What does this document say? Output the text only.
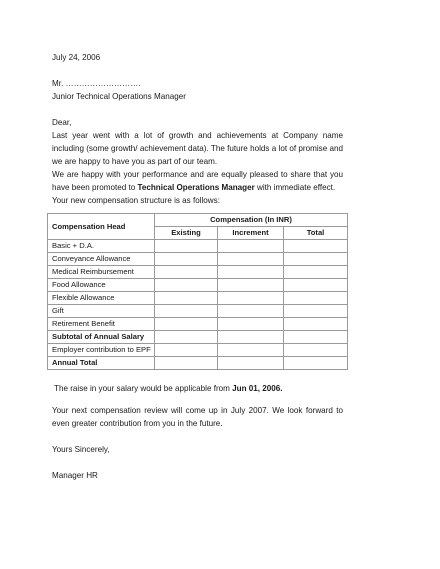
July 24, 2006
Mr. ……………………….
Junior Technical Operations Manager
Dear,

Last year went with a lot of growth and achievements at Company name including (some growth/ achievement data). The future holds a lot of promise and we are happy to have you as part of our team.

We are happy with your performance and are equally pleased to share that you have been promoted to Technical Operations Manager with immediate effect.

Your new compensation structure is as follows:

Compensation Head	Compensation (In INR)		
	Existing	Increment	Total
Basic + D.A.			
Conveyance Allowance			
Medical Reimbursement			
Food Allowance			
Flexible Allowance			
Gift			
Retirement Benefit			
Subtotal of Annual Salary			
Employer contribution to EPF			
Annual Total			
The raise in your salary would be applicable from Jun 01, 2006.

Your next compensation review will come up in July 2007. We look forward to even greater contribution from you in the future.

Yours Sincerely,
Manager HR
